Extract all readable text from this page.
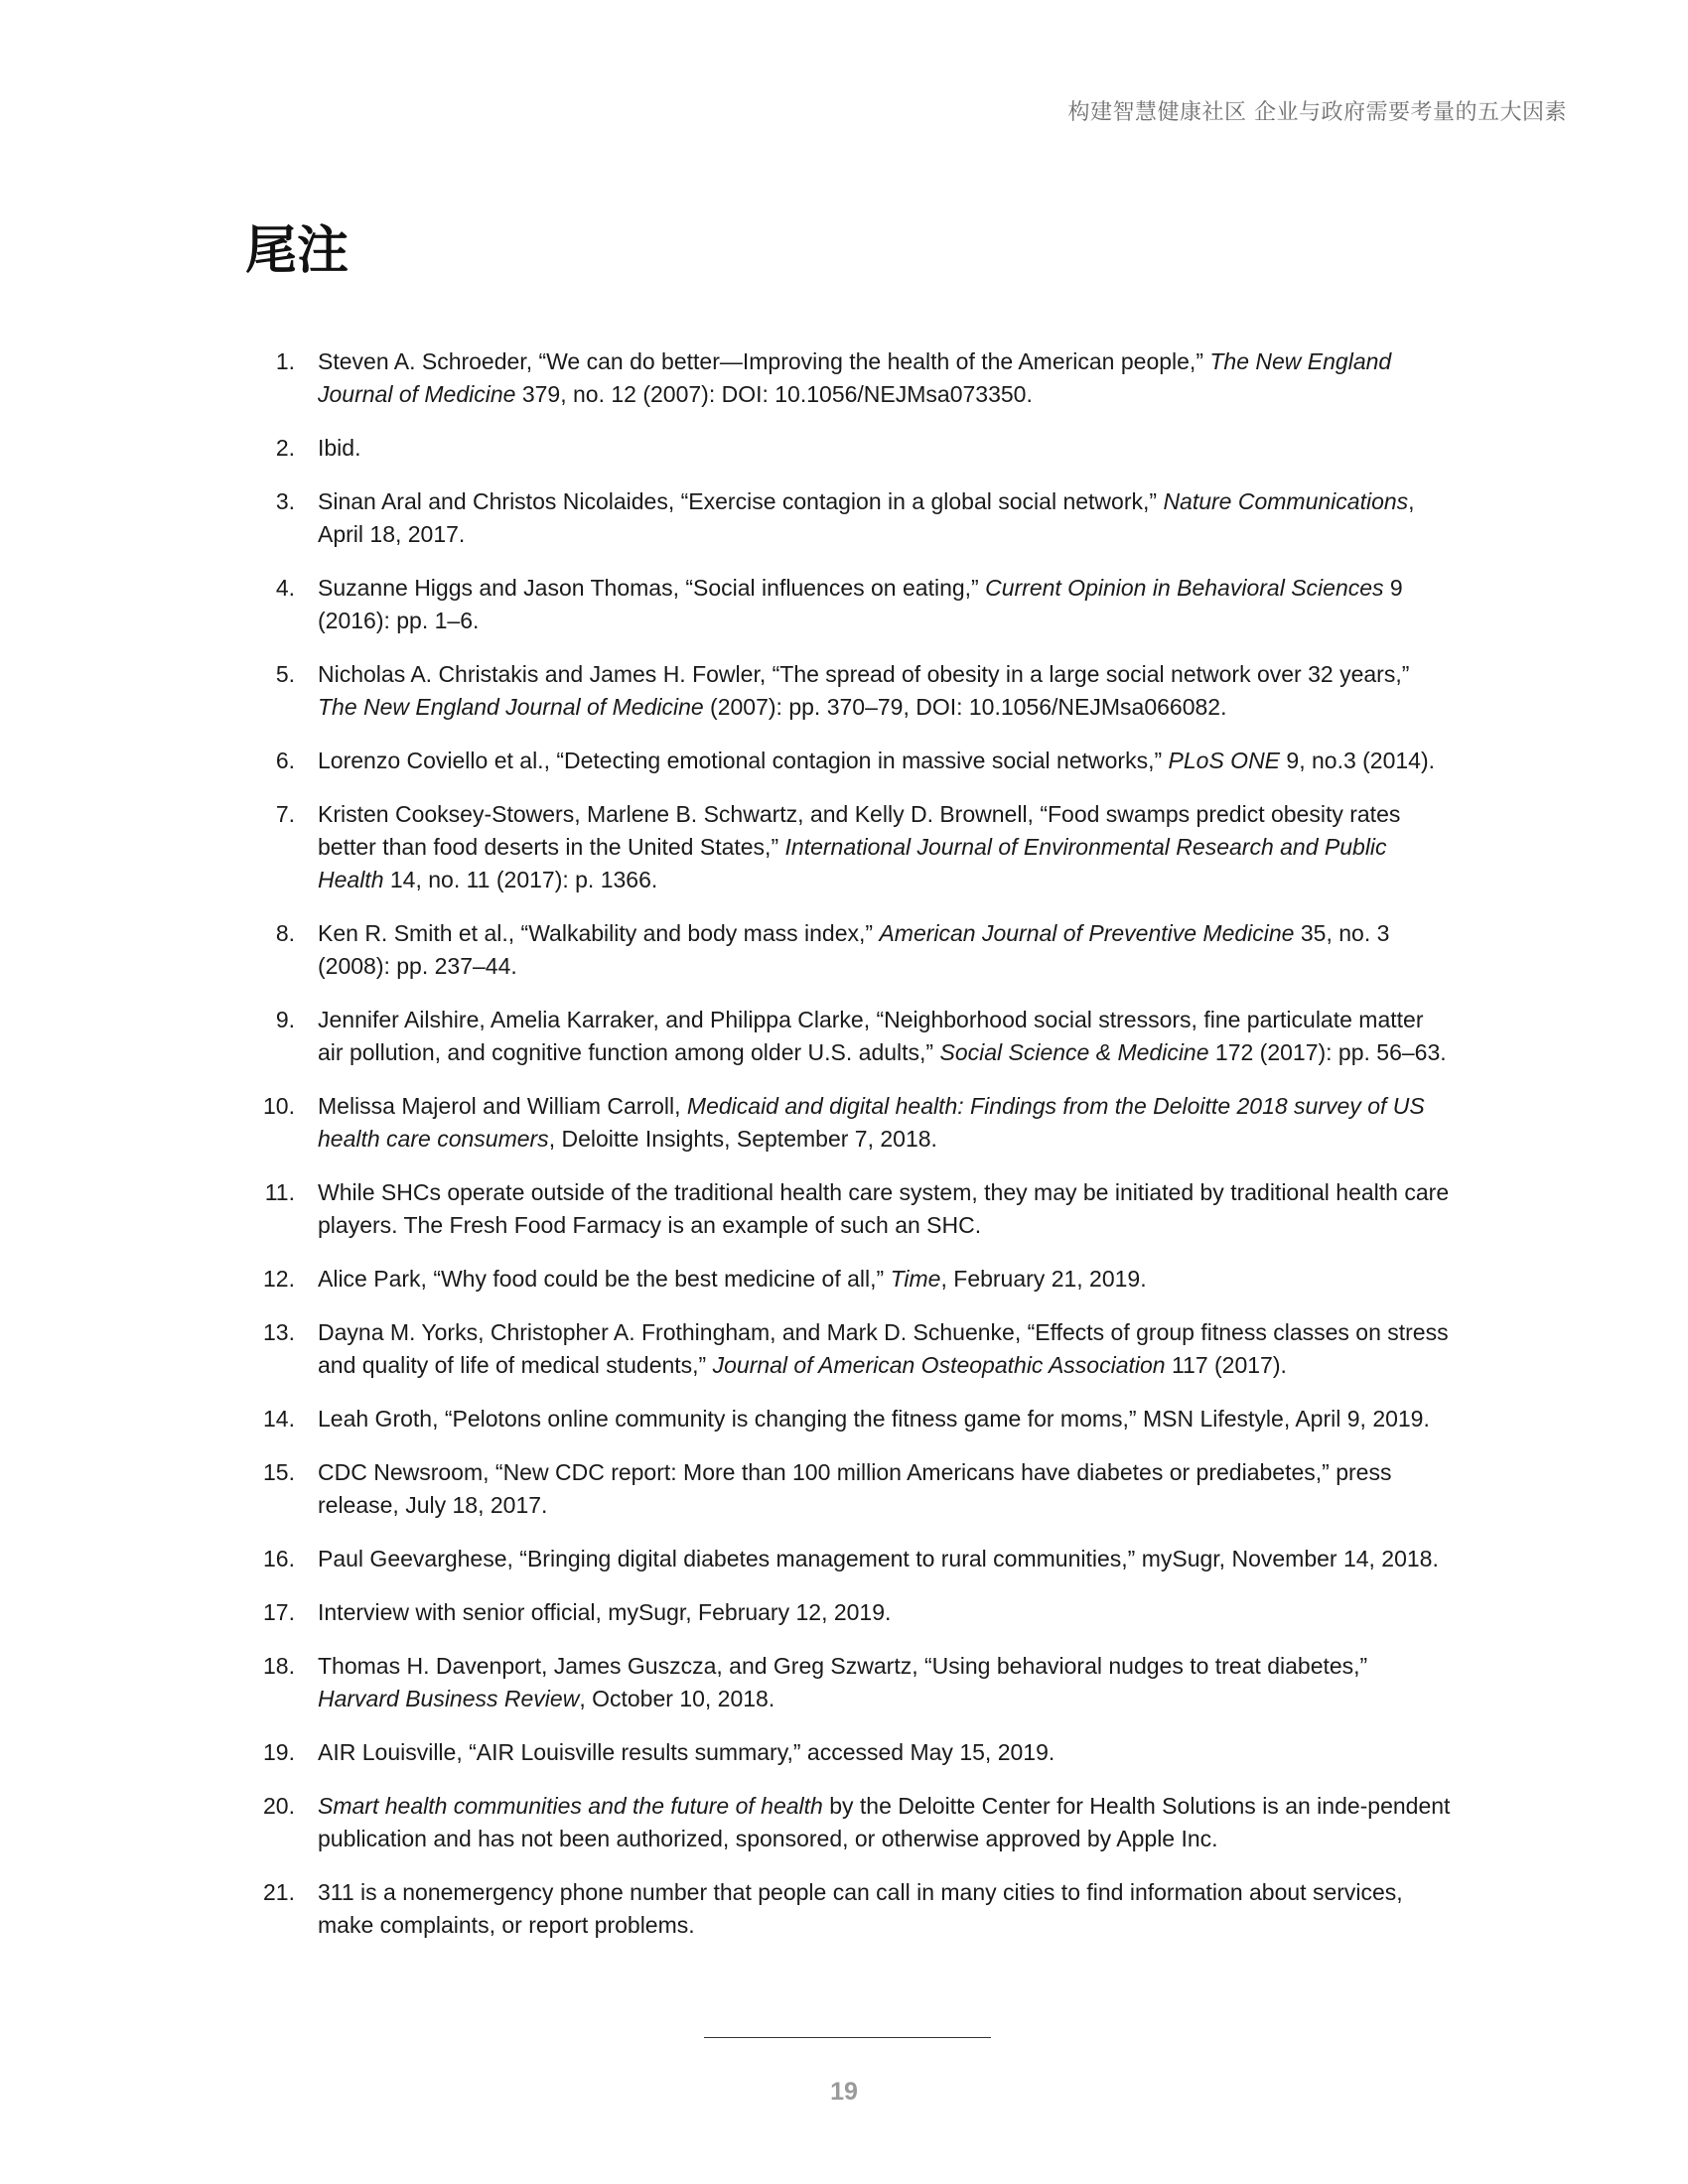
构建智慧健康社区 企业与政府需要考量的五大因素
尾注
1.	Steven A. Schroeder, “We can do better—Improving the health of the American people,” The New England Journal of Medicine 379, no. 12 (2007): DOI: 10.1056/NEJMsa073350.
2.	Ibid.
3.	Sinan Aral and Christos Nicolaides, “Exercise contagion in a global social network,” Nature Communications, April 18, 2017.
4.	Suzanne Higgs and Jason Thomas, “Social influences on eating,” Current Opinion in Behavioral Sciences 9 (2016): pp. 1–6.
5.	Nicholas A. Christakis and James H. Fowler, “The spread of obesity in a large social network over 32 years,” The New England Journal of Medicine (2007): pp. 370–79, DOI: 10.1056/NEJMsa066082.
6.	Lorenzo Coviello et al., “Detecting emotional contagion in massive social networks,” PLoS ONE 9, no.3 (2014).
7.	Kristen Cooksey-Stowers, Marlene B. Schwartz, and Kelly D. Brownell, “Food swamps predict obesity rates better than food deserts in the United States,” International Journal of Environmental Research and Public Health 14, no. 11 (2017): p. 1366.
8.	Ken R. Smith et al., “Walkability and body mass index,” American Journal of Preventive Medicine 35, no. 3 (2008): pp. 237–44.
9.	Jennifer Ailshire, Amelia Karraker, and Philippa Clarke, “Neighborhood social stressors, fine particulate matter air pollution, and cognitive function among older U.S. adults,” Social Science & Medicine 172 (2017): pp. 56–63.
10.	Melissa Majerol and William Carroll, Medicaid and digital health: Findings from the Deloitte 2018 survey of US health care consumers, Deloitte Insights, September 7, 2018.
11.	While SHCs operate outside of the traditional health care system, they may be initiated by traditional health care players. The Fresh Food Farmacy is an example of such an SHC.
12.	Alice Park, “Why food could be the best medicine of all,” Time, February 21, 2019.
13.	Dayna M. Yorks, Christopher A. Frothingham, and Mark D. Schuenke, “Effects of group fitness classes on stress and quality of life of medical students,” Journal of American Osteopathic Association 117 (2017).
14.	Leah Groth, “Pelotons online community is changing the fitness game for moms,” MSN Lifestyle, April 9, 2019.
15.	CDC Newsroom, “New CDC report: More than 100 million Americans have diabetes or prediabetes,” press release, July 18, 2017.
16.	Paul Geevarghese, “Bringing digital diabetes management to rural communities,” mySugr, November 14, 2018.
17.	Interview with senior official, mySugr, February 12, 2019.
18.	Thomas H. Davenport, James Guszcza, and Greg Szwartz, “Using behavioral nudges to treat diabetes,” Harvard Business Review, October 10, 2018.
19.	AIR Louisville, “AIR Louisville results summary,” accessed May 15, 2019.
20.	Smart health communities and the future of health by the Deloitte Center for Health Solutions is an inde-pendent publication and has not been authorized, sponsored, or otherwise approved by Apple Inc.
21.	311 is a nonemergency phone number that people can call in many cities to find information about services, make complaints, or report problems.
19
